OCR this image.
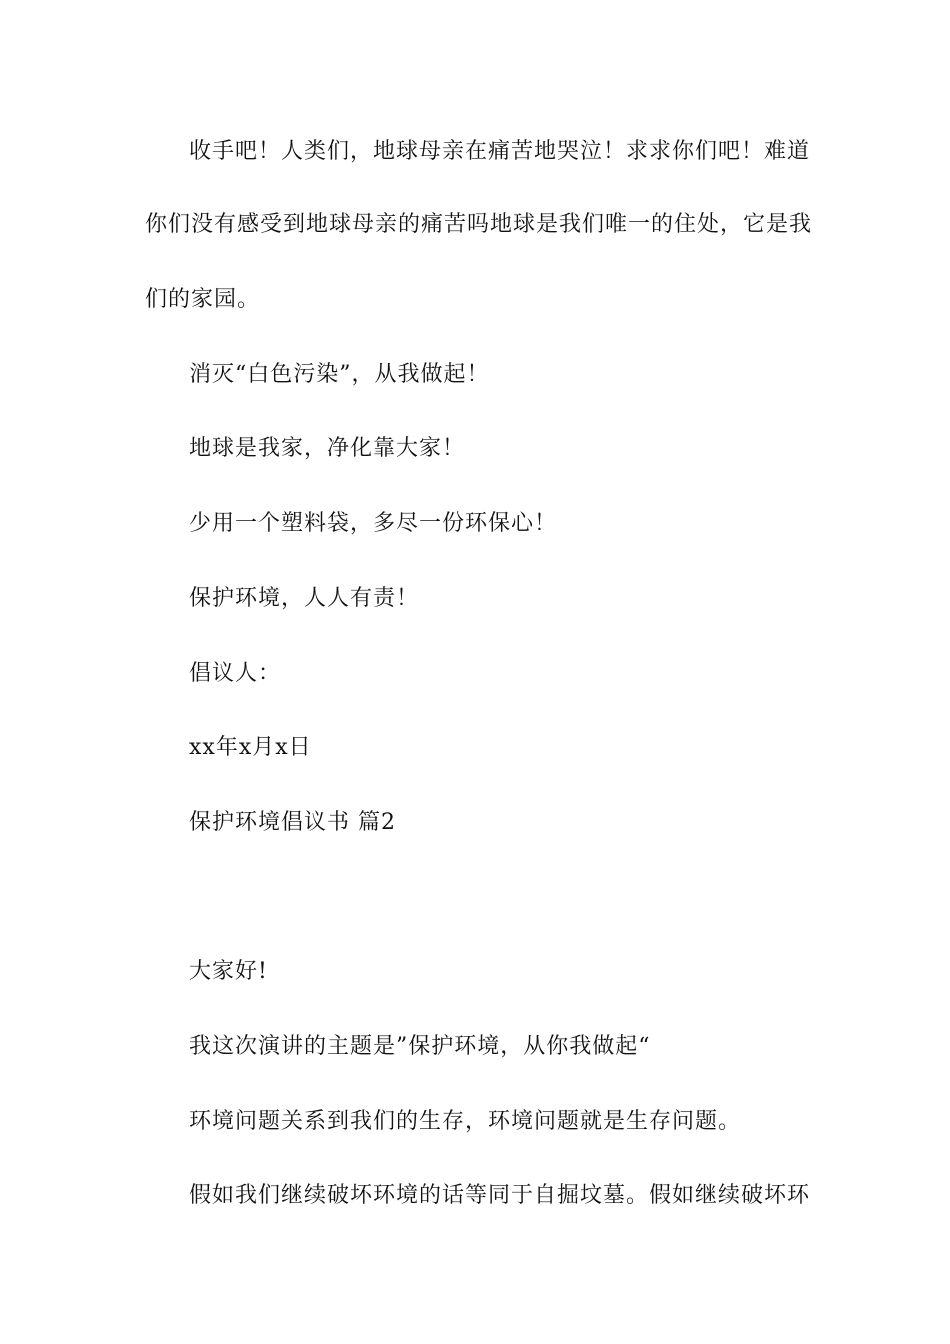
收手吧！人类们，地球母亲在痛苦地哭泣！求求你们吧！难道
你们没有感受到地球母亲的痛苦吗地球是我们唯一的住处，它是我
们的家园。
消灭“白色污染”，从我做起！
地球是我家，净化靠大家！
少用一个塑料袋，多尽一份环保心！
保护环境，人人有责！
倡议人：
xx年x月x日
保护环境倡议书 篇2
大家好!
我这次演讲的主题是”保护环境，从你我做起“
环境问题关系到我们的生存，环境问题就是生存问题。
假如我们继续破坏环境的话等同于自掘坟墓。假如继续破坏环
